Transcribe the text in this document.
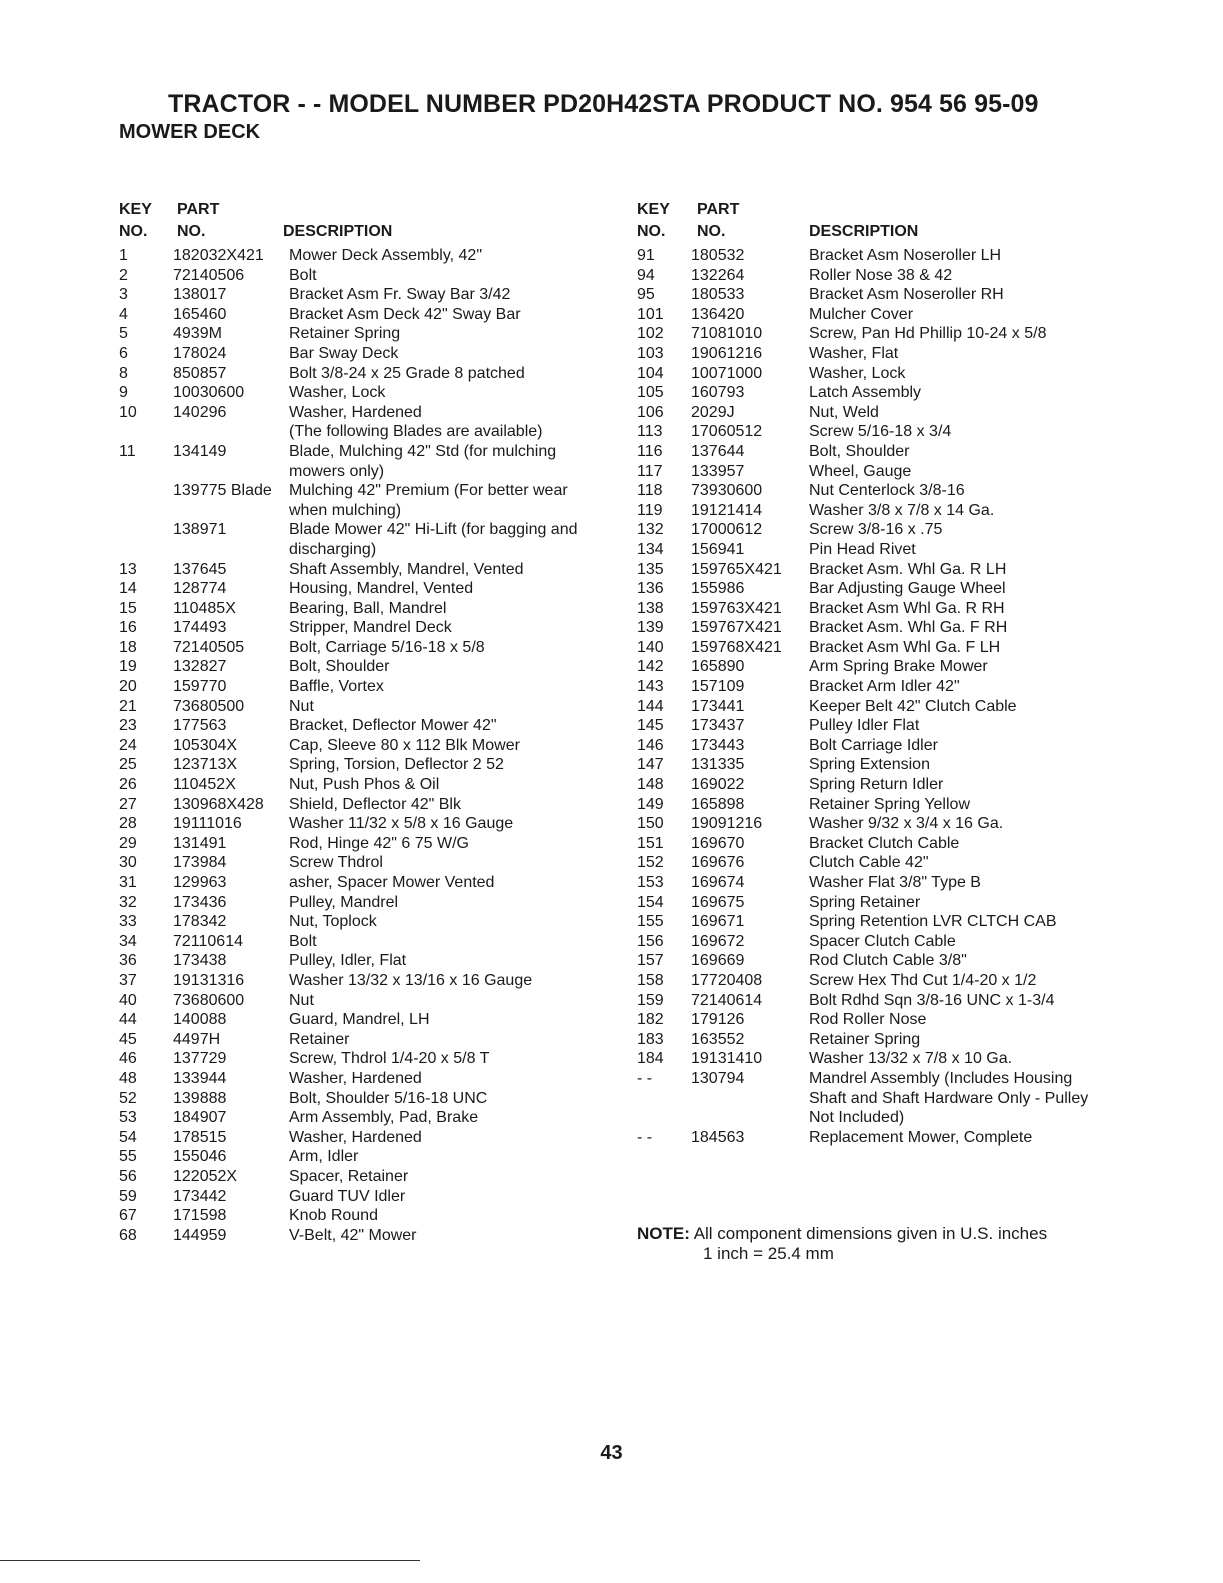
TRACTOR - - MODEL NUMBER PD20H42STA PRODUCT NO. 954 56 95-09
MOWER DECK
KEY
NO.
PART
NO.	DESCRIPTION
1	182032X421 Mower Deck Assembly, 42"
2	72140506	Bolt
3	138017	Bracket Asm Fr. Sway Bar 3/42
4	165460	Bracket Asm Deck 42" Sway Bar
5	4939M	Retainer Spring
6	178024	Bar Sway Deck
8	850857	Bolt 3/8-24 x 25 Grade 8 patched
9	10030600	Washer, Lock
10 140296	Washer, Hardened
(The following Blades are available)
11 134149	Blade, Mulching 42" Std (for mulching mowers only)
139775 Blade Mulching 42" Premium (For better wear when mulching)
138971	Blade Mower 42" Hi-Lift (for bagging and discharging)
13 137645	Shaft Assembly, Mandrel, Vented
14 128774	Housing, Mandrel, Vented
15 110485X	Bearing, Ball, Mandrel
16 174493	Stripper, Mandrel Deck
18 72140505	Bolt, Carriage 5/16-18 x 5/8
19 132827	Bolt, Shoulder
20 159770	Baffle, Vortex
21 73680500	Nut
23 177563	Bracket, Deflector Mower 42"
24 105304X	Cap, Sleeve 80 x 112 Blk Mower
25 123713X	Spring, Torsion, Deflector 2 52
26 110452X	Nut, Push Phos & Oil
27 130968X428 Shield, Deflector 42" Blk
28 19111016	Washer 11/32 x 5/8 x 16 Gauge
29 131491	Rod, Hinge 42" 6 75 W/G
30 173984	Screw Thdrol
31 129963	asher, Spacer Mower Vented
32 173436	Pulley, Mandrel
33 178342	Nut, Toplock
34 72110614	Bolt
36 173438	Pulley, Idler, Flat
37 19131316	Washer 13/32 x 13/16 x 16 Gauge
40 73680600	Nut
44 140088	Guard, Mandrel, LH
45 4497H	Retainer
46 137729	Screw, Thdrol 1/4-20 x 5/8 T
48 133944	Washer, Hardened
52 139888	Bolt, Shoulder 5/16-18 UNC
53 184907	Arm Assembly, Pad, Brake
54 178515	Washer, Hardened
55 155046	Arm, Idler
56 122052X	Spacer, Retainer
59 173442	Guard TUV Idler
67 171598	Knob Round
68 144959	V-Belt, 42" Mower
KEY
NO.
PART
NO.	DESCRIPTION
91 180532	Bracket Asm Noseroller LH
94 132264	Roller Nose 38 & 42
95 180533	Bracket Asm Noseroller RH
101 136420	Mulcher Cover
102 71081010	Screw, Pan Hd Phillip 10-24 x 5/8
103 19061216	Washer, Flat
104 10071000	Washer, Lock
105 160793	Latch Assembly
106 2029J	Nut, Weld
113 17060512	Screw 5/16-18 x 3/4
116 137644	Bolt, Shoulder
117 133957	Wheel, Gauge
118 73930600	Nut Centerlock 3/8-16
119 19121414	Washer 3/8 x 7/8 x 14 Ga.
132 17000612	Screw 3/8-16 x .75
134 156941	Pin Head Rivet
135 159765X421 Bracket Asm. Whl Ga. R LH
136 155986	Bar Adjusting Gauge Wheel
138 159763X421 Bracket Asm Whl Ga. R RH
139 159767X421 Bracket Asm. Whl Ga. F RH
140 159768X421 Bracket Asm Whl Ga. F LH
142 165890	Arm Spring Brake Mower
143 157109	Bracket Arm Idler 42"
144 173441	Keeper Belt 42" Clutch Cable
145 173437	Pulley Idler Flat
146 173443	Bolt Carriage Idler
147 131335	Spring Extension
148 169022	Spring Return Idler
149 165898	Retainer Spring Yellow
150 19091216	Washer 9/32 x 3/4 x 16 Ga.
151 169670	Bracket Clutch Cable
152 169676	Clutch Cable 42"
153 169674	Washer Flat 3/8" Type B
154 169675	Spring Retainer
155 169671	Spring Retention LVR CLTCH CAB
156 169672	Spacer Clutch Cable
157 169669	Rod Clutch Cable 3/8"
158 17720408	Screw Hex Thd Cut 1/4-20 x 1/2
159 72140614	Bolt Rdhd Sqn 3/8-16 UNC x 1-3/4
182 179126	Rod Roller Nose
183 163552	Retainer Spring
184 19131410	Washer 13/32 x 7/8 x 10 Ga.
- - 130794	Mandrel Assembly (Includes Housing Shaft and Shaft Hardware Only - Pulley Not Included)
- - 184563	Replacement Mower, Complete
NOTE: All component dimensions given in U.S. inches
1 inch = 25.4 mm
43
